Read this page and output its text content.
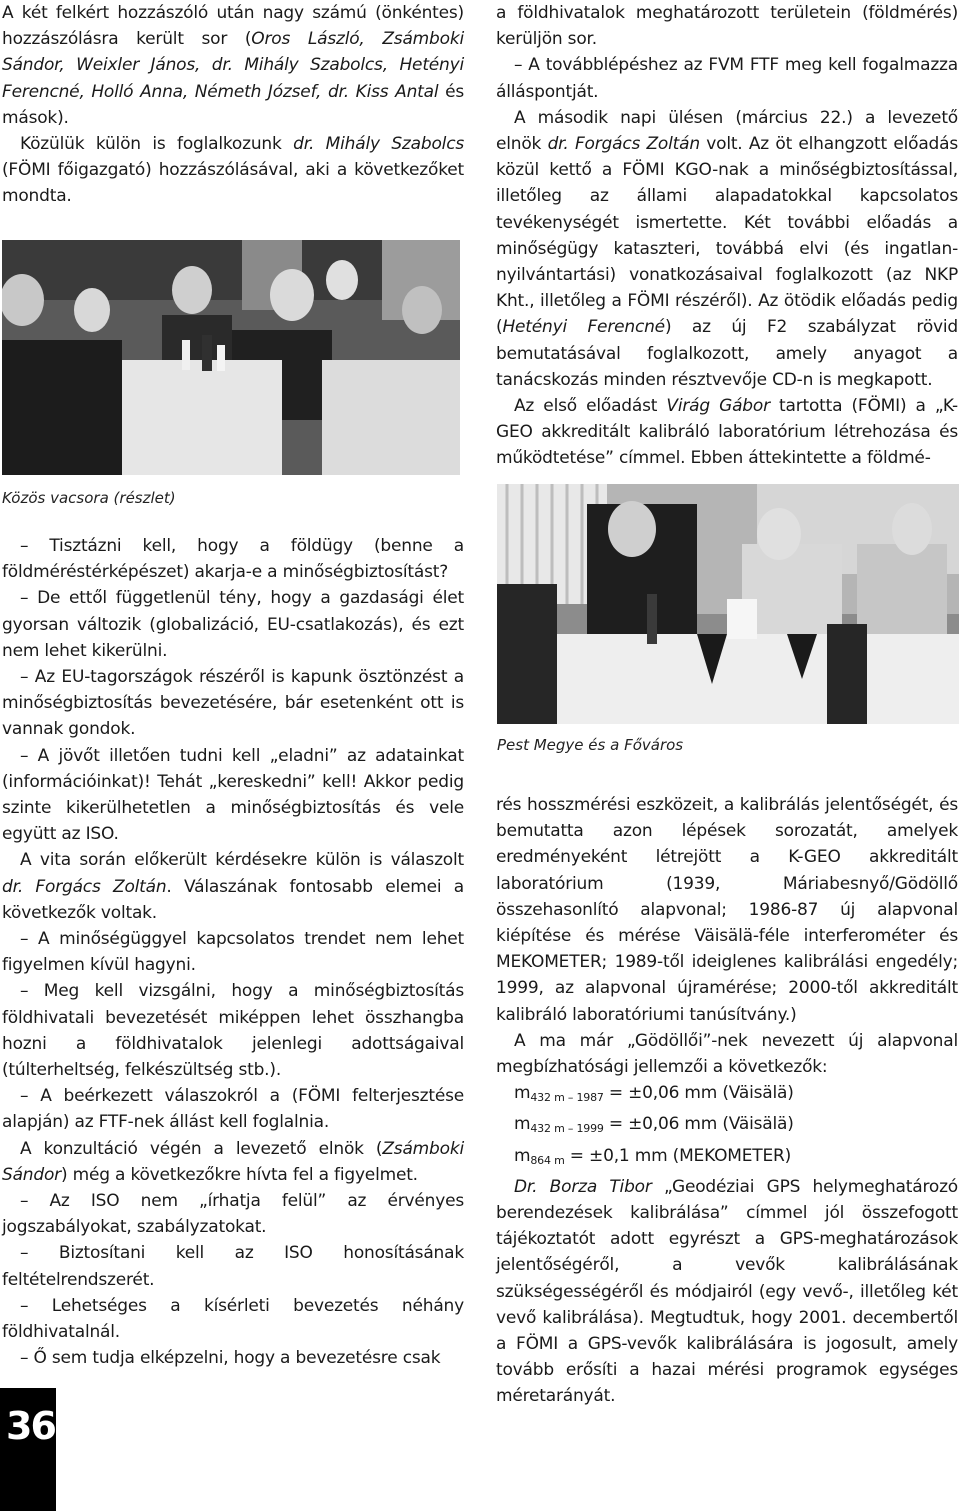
A két felkért hozzászóló után nagy számú (önkéntes) hozzászólásra került sor (Oros László, Zsámboki Sándor, Weixler János, dr. Mihály Szabolcs, Hetényi Ferencné, Holló Anna, Németh József, dr. Kiss Antal és mások).

Közülük külön is foglalkozunk dr. Mihály Szabolcs (FÖMI főigazgató) hozzászólásával, aki a következőket mondta.

Közös vacsora (részlet)

– Tisztázni kell, hogy a földügy (benne a földméréstérképészet) akarja-e a minőségbiztosítást?

– De ettől függetlenül tény, hogy a gazdasági élet gyorsan változik (globalizáció, EU-csatlakozás), és ezt nem lehet kikerülni.

– Az EU-tagországok részéről is kapunk ösztönzést a minőségbiztosítás bevezetésére, bár esetenként ott is vannak gondok.

– A jövőt illetően tudni kell „eladni” az adatainkat (információinkat)! Tehát „kereskedni” kell! Akkor pedig szinte kikerülhetetlen a minőségbiztosítás és vele együtt az ISO.

A vita során előkerült kérdésekre külön is válaszolt dr. Forgács Zoltán. Válaszának fontosabb elemei a következők voltak.

– A minőségüggyel kapcsolatos trendet nem lehet figyelmen kívül hagyni.

– Meg kell vizsgálni, hogy a minőségbiztosítás földhivatali bevezetését miképpen lehet összhangba hozni a földhivatalok jelenlegi adottságaival (túlterheltség, felkészültség stb.).

– A beérkezett válaszokról a (FÖMI felterjesztése alapján) az FTF-nek állást kell foglalnia.

A konzultáció végén a levezető elnök (Zsámboki Sándor) még a következőkre hívta fel a figyelmet.

– Az ISO nem „írhatja felül” az érvényes jogszabályokat, szabályzatokat.

– Biztosítani kell az ISO honosításának feltételrendszerét.

– Lehetséges a kísérleti bevezetés néhány földhivatalnál.

– Ő sem tudja elképzelni, hogy a bevezetésre csak

a földhivatalok meghatározott területein (földmérés) kerüljön sor.

– A továbblépéshez az FVM FTF meg kell fogalmazza álláspontját.

A második napi ülésen (március 22.) a levezető elnök dr. Forgács Zoltán volt. Az öt elhangzott előadás közül kettő a FÖMI KGO-nak a minőségbiztosítással, illetőleg az állami alapadatokkal kapcsolatos tevékenységét ismertette. Két további előadás a minőségügy kataszteri, továbbá elvi (és ingatlan-nyilvántartási) vonatkozásaival foglalkozott (az NKP Kht., illetőleg a FÖMI részéről). Az ötödik előadás pedig (Hetényi Ferencné) az új F2 szabályzat rövid bemutatásával foglalkozott, amely anyagot a tanácskozás minden résztvevője CD-n is megkapott.

Az első előadást Virág Gábor tartotta (FÖMI) a „K-GEO akkreditált kalibráló laboratórium létrehozása és működtetése” címmel. Ebben áttekintette a földmé-

Pest Megye és a Főváros

rés hosszmérési eszközeit, a kalibrálás jelentőségét, és bemutatta azon lépések sorozatát, amelyek eredményeként létrejött a K-GEO akkreditált laboratórium (1939, Máriabesnyő/Gödöllő összehasonlító alapvonal; 1986-87 új alapvonal kiépítése és mérése Väisälä-féle interferométer és MEKOMETER; 1989-től ideiglenes kalibrálási engedély; 1999, az alapvonal újramérése; 2000-től akkreditált kalibráló laboratóriumi tanúsítvány.)

A ma már „Gödöllői”-nek nevezett új alapvonal megbízhatósági jellemzői a következők:

$m_{432 m - 1987} = \pm 0,06$ mm (Väisälä)

$m_{432 m - 1999} = \pm 0,06$ mm (Väisälä)

$m_{864 m} = \pm 0,1$ mm (MEKOMETER)

Dr. Borza Tibor „Geodéziai GPS helymeghatározó berendezések kalibrálása” címmel jól összefogott tájékoztatót adott egyrészt a GPS-meghatározások jelentőségéről, a vevők kalibrálásának szükségességéről és módjairól (egy vevő-, illetőleg két vevő kalibrálása). Megtudtuk, hogy 2001. decembertől a FÖMI a GPS-vevők kalibrálására is jogosult, amely tovább erősíti a hazai mérési programok egységes méretarányát.

36
